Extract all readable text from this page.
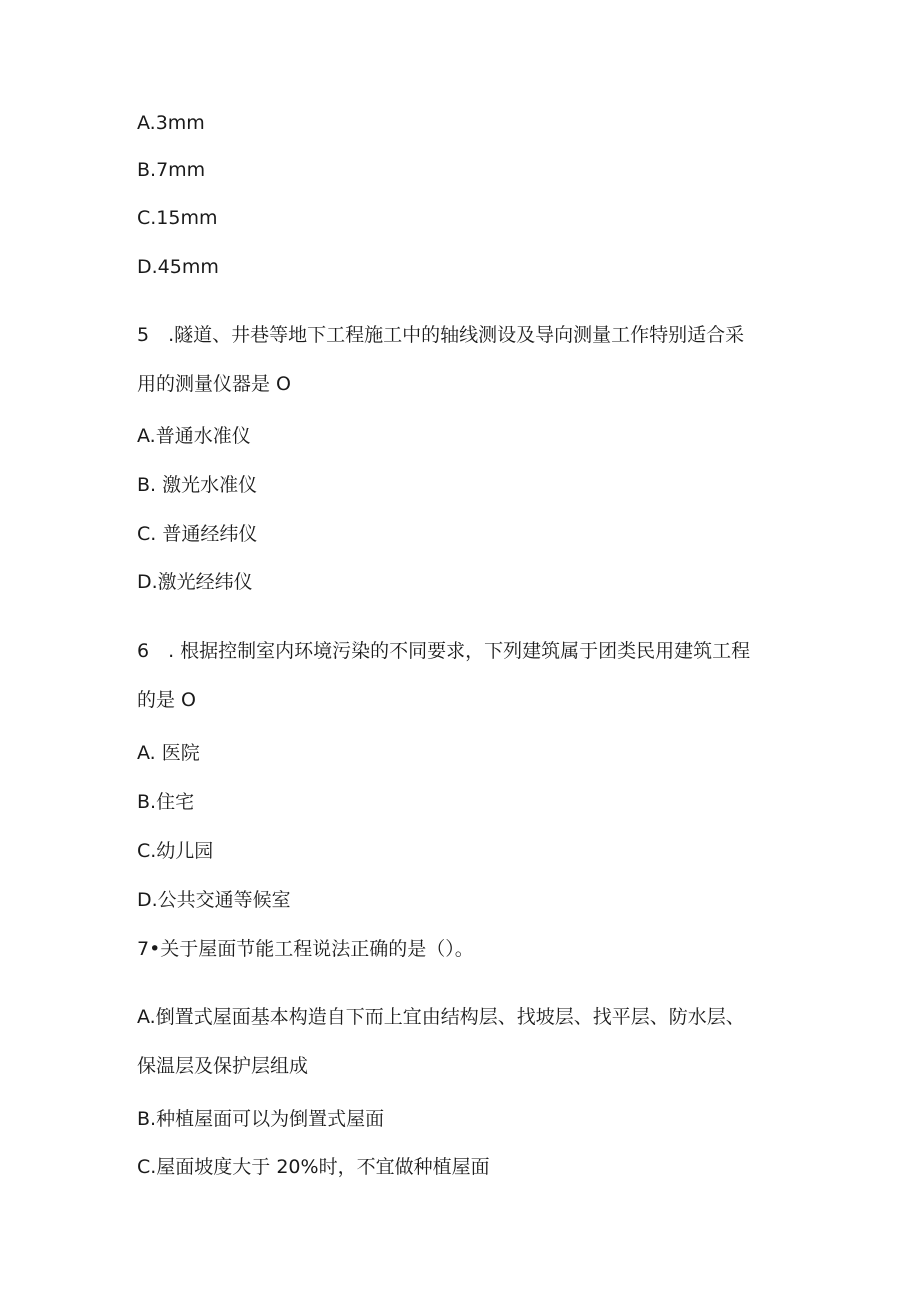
A.3mm
B.7mm
C.15mm
D.45mm
5　.隧道、井巷等地下工程施工中的轴线测设及导向测量工作特别适合采
用的测量仪器是 O
A.普通水准仪
B. 激光水准仪
C. 普通经纬仪
D.激光经纬仪
6　. 根据控制室内环境污染的不同要求，下列建筑属于团类民用建筑工程
的是 O
A. 医院
B.住宅
C.幼儿园
D.公共交通等候室
7•关于屋面节能工程说法正确的是（）。
A.倒置式屋面基本构造自下而上宜由结构层、找坡层、找平层、防水层、
保温层及保护层组成
B.种植屋面可以为倒置式屋面
C.屋面坡度大于 20%时，不宜做种植屋面
